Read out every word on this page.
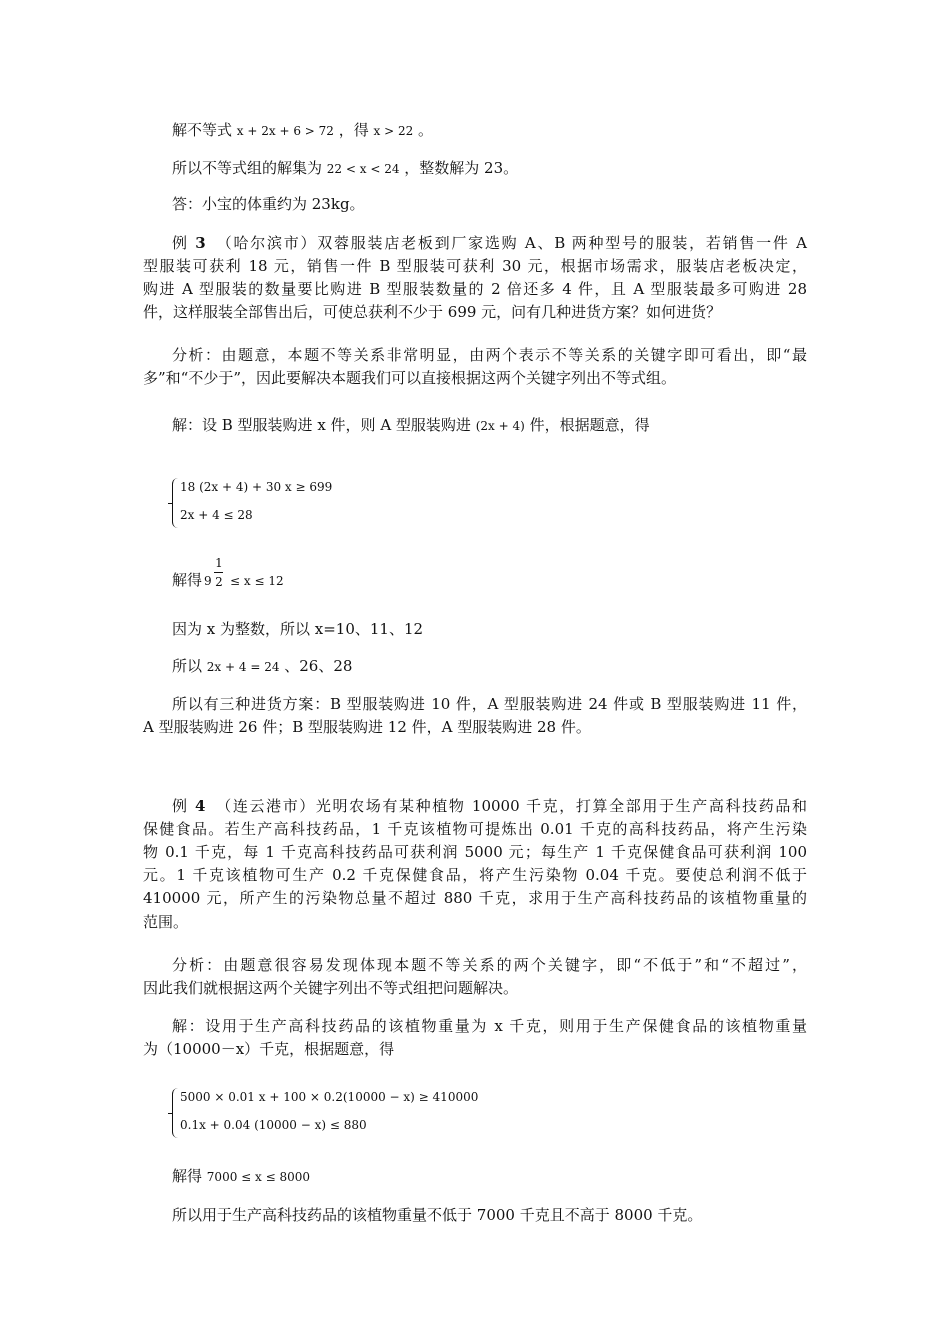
解不等式 x + 2x + 6 > 72 ，得 x > 22 。
所以不等式组的解集为 22 < x < 24 ，整数解为 23。
答：小宝的体重约为 23kg。
例 3　 （哈尔滨市）双蓉服装店老板到厂家选购 A、B 两种型号的服装，若销售一件 A
型服装可获利 18 元，销售一件 B 型服装可获利 30 元，根据市场需求，服装店老板决定，
购进 A 型服装的数量要比购进 B 型服装数量的 2 倍还多 4 件，且 A 型服装最多可购进 28
件，这样服装全部售出后，可使总获利不少于 699 元，问有几种进货方案？如何进货？
分析：由题意，本题不等关系非常明显，由两个表示不等关系的关键字即可看出，即“最
多”和“不少于”，因此要解决本题我们可以直接根据这两个关键字列出不等式组。
解：设 B 型服装购进 x 件，则 A 型服装购进 (2x + 4) 件，根据题意，得
18 (2x + 4) + 30 x ≥ 699
2x + 4 ≤ 28
解得 9
1
2 ≤ x ≤ 12
因为 x 为整数，所以 x=10、11、12
所以 2x + 4 = 24 、26、28
所以有三种进货方案：B 型服装购进 10 件，A 型服装购进 24 件或 B 型服装购进 11 件，
A 型服装购进 26 件；B 型服装购进 12 件，A 型服装购进 28 件。
例 4　 （连云港市）光明农场有某种植物 10000 千克，打算全部用于生产高科技药品和
保健食品。若生产高科技药品，1 千克该植物可提炼出 0.01 千克的高科技药品，将产生污染
物 0.1 千克，每 1 千克高科技药品可获利润 5000 元；每生产 1 千克保健食品可获利润 100
元。1 千克该植物可生产 0.2 千克保健食品，将产生污染物 0.04 千克。要使总利润不低于
410000 元，所产生的污染物总量不超过 880 千克，求用于生产高科技药品的该植物重量的
范围。
分析：由题意很容易发现体现本题不等关系的两个关键字，即“不低于”和“不超过”，
因此我们就根据这两个关键字列出不等式组把问题解决。
解：设用于生产高科技药品的该植物重量为 x 千克，则用于生产保健食品的该植物重量
为（10000－x）千克，根据题意，得
5000 × 0.01 x + 100 × 0.2(10000 − x) ≥ 410000
0.1x + 0.04 (10000 − x) ≤ 880
解得 7000 ≤ x ≤ 8000
所以用于生产高科技药品的该植物重量不低于 7000 千克且不高于 8000 千克。
